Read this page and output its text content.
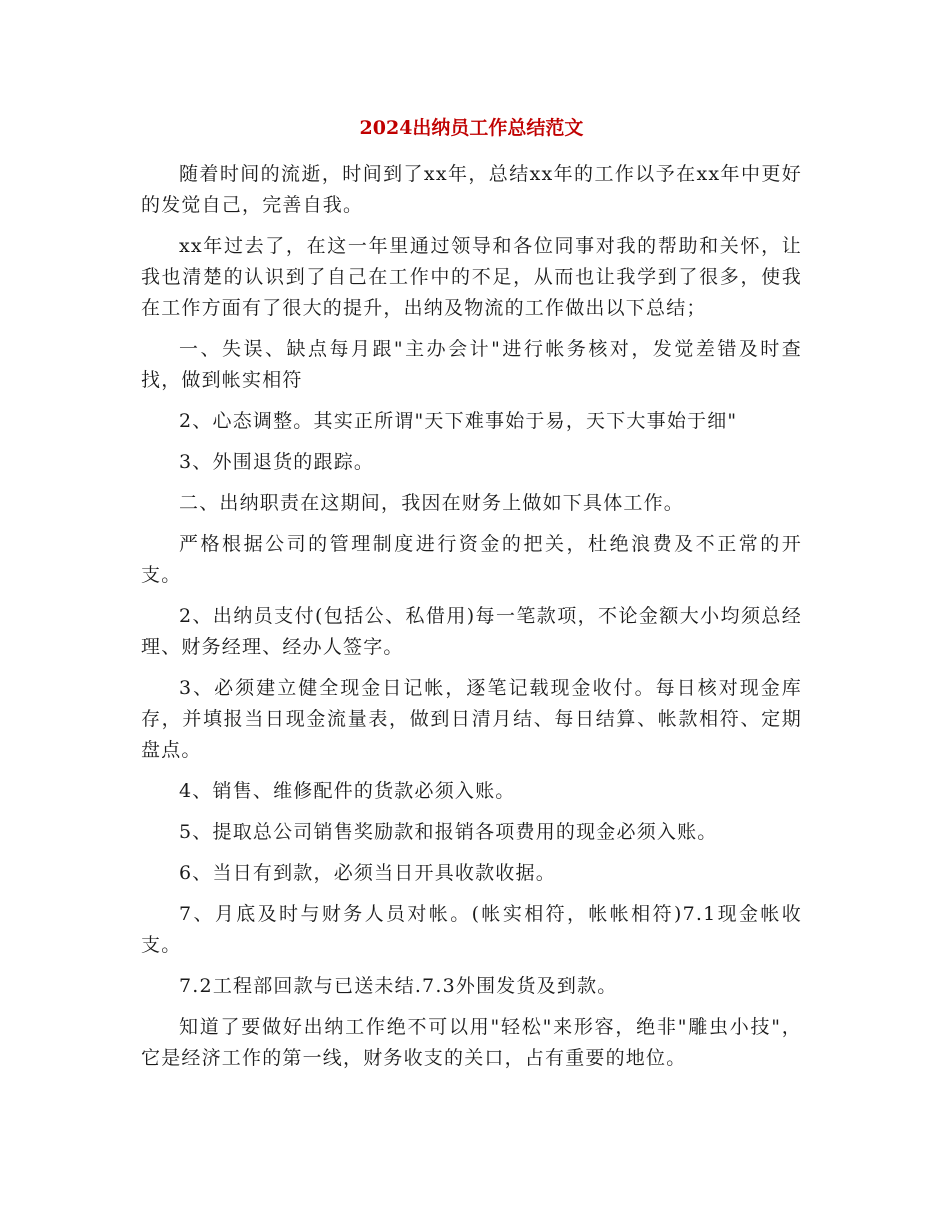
2024出纳员工作总结范文

随着时间的流逝，时间到了xx年，总结xx年的工作以予在xx年中更好的发觉自己，完善自我。

xx年过去了，在这一年里通过领导和各位同事对我的帮助和关怀，让我也清楚的认识到了自己在工作中的不足，从而也让我学到了很多，使我在工作方面有了很大的提升，出纳及物流的工作做出以下总结；

一、失误、缺点每月跟"主办会计"进行帐务核对，发觉差错及时查找，做到帐实相符

2、心态调整。其实正所谓"天下难事始于易，天下大事始于细"

3、外围退货的跟踪。

二、出纳职责在这期间，我因在财务上做如下具体工作。

严格根据公司的管理制度进行资金的把关，杜绝浪费及不正常的开支。

2、出纳员支付(包括公、私借用)每一笔款项，不论金额大小均须总经理、财务经理、经办人签字。

3、必须建立健全现金日记帐，逐笔记载现金收付。每日核对现金库存，并填报当日现金流量表，做到日清月结、每日结算、帐款相符、定期盘点。

4、销售、维修配件的货款必须入账。

5、提取总公司销售奖励款和报销各项费用的现金必须入账。

6、当日有到款，必须当日开具收款收据。

7、月底及时与财务人员对帐。(帐实相符，帐帐相符)7.1现金帐收支。

7.2工程部回款与已送未结.7.3外围发货及到款。

知道了要做好出纳工作绝不可以用"轻松"来形容，绝非"雕虫小技"，它是经济工作的第一线，财务收支的关口，占有重要的地位。
